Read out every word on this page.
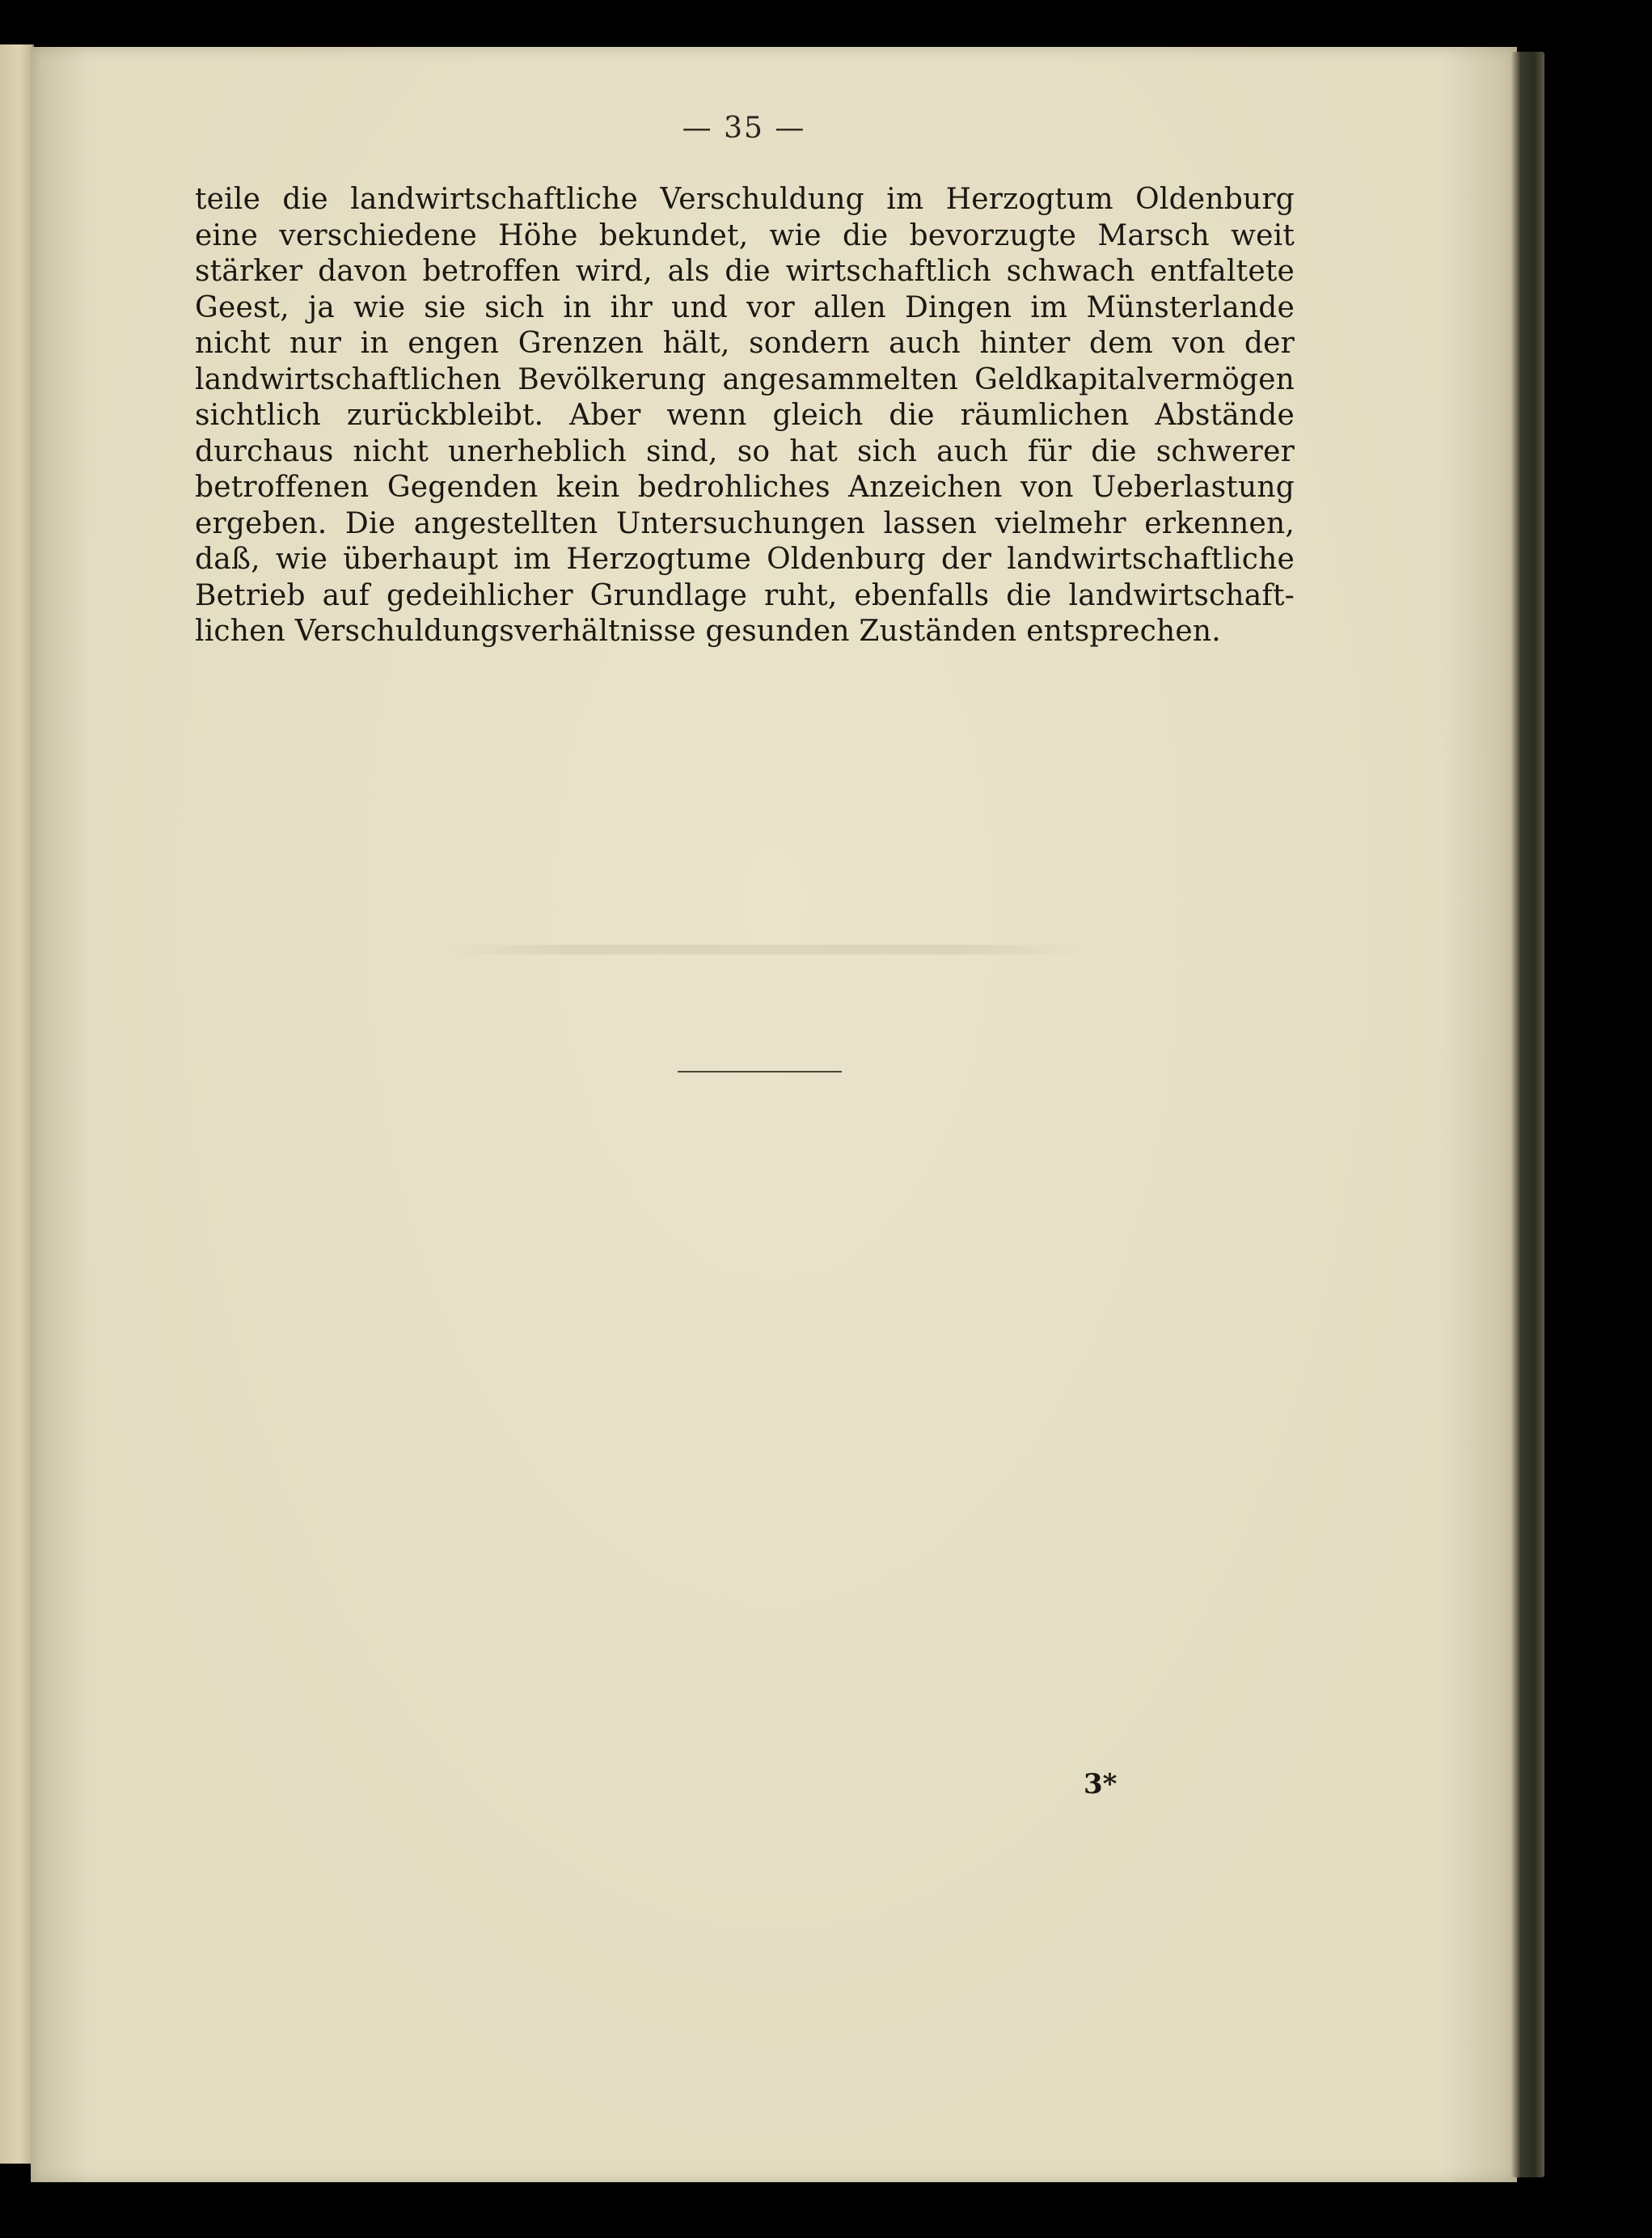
— 35 —
teile die landwirtschaftliche Verschuldung im Herzogtum Oldenburg
eine verschiedene Höhe bekundet, wie die bevorzugte Marsch weit
stärker davon betroffen wird, als die wirtschaftlich schwach entfaltete
Geest, ja wie sie sich in ihr und vor allen Dingen im Münsterlande
nicht nur in engen Grenzen hält, sondern auch hinter dem von der
landwirtschaftlichen Bevölkerung angesammelten Geldkapitalvermögen
sichtlich zurückbleibt. Aber wenn gleich die räumlichen Abstände
durchaus nicht unerheblich sind, so hat sich auch für die schwerer
betroffenen Gegenden kein bedrohliches Anzeichen von Ueberlastung
ergeben. Die angestellten Untersuchungen lassen vielmehr erkennen,
daß, wie überhaupt im Herzogtume Oldenburg der landwirtschaftliche
Betrieb auf gedeihlicher Grundlage ruht, ebenfalls die landwirtschaft-
lichen Verschuldungsverhältnisse gesunden Zuständen entsprechen.
3*
